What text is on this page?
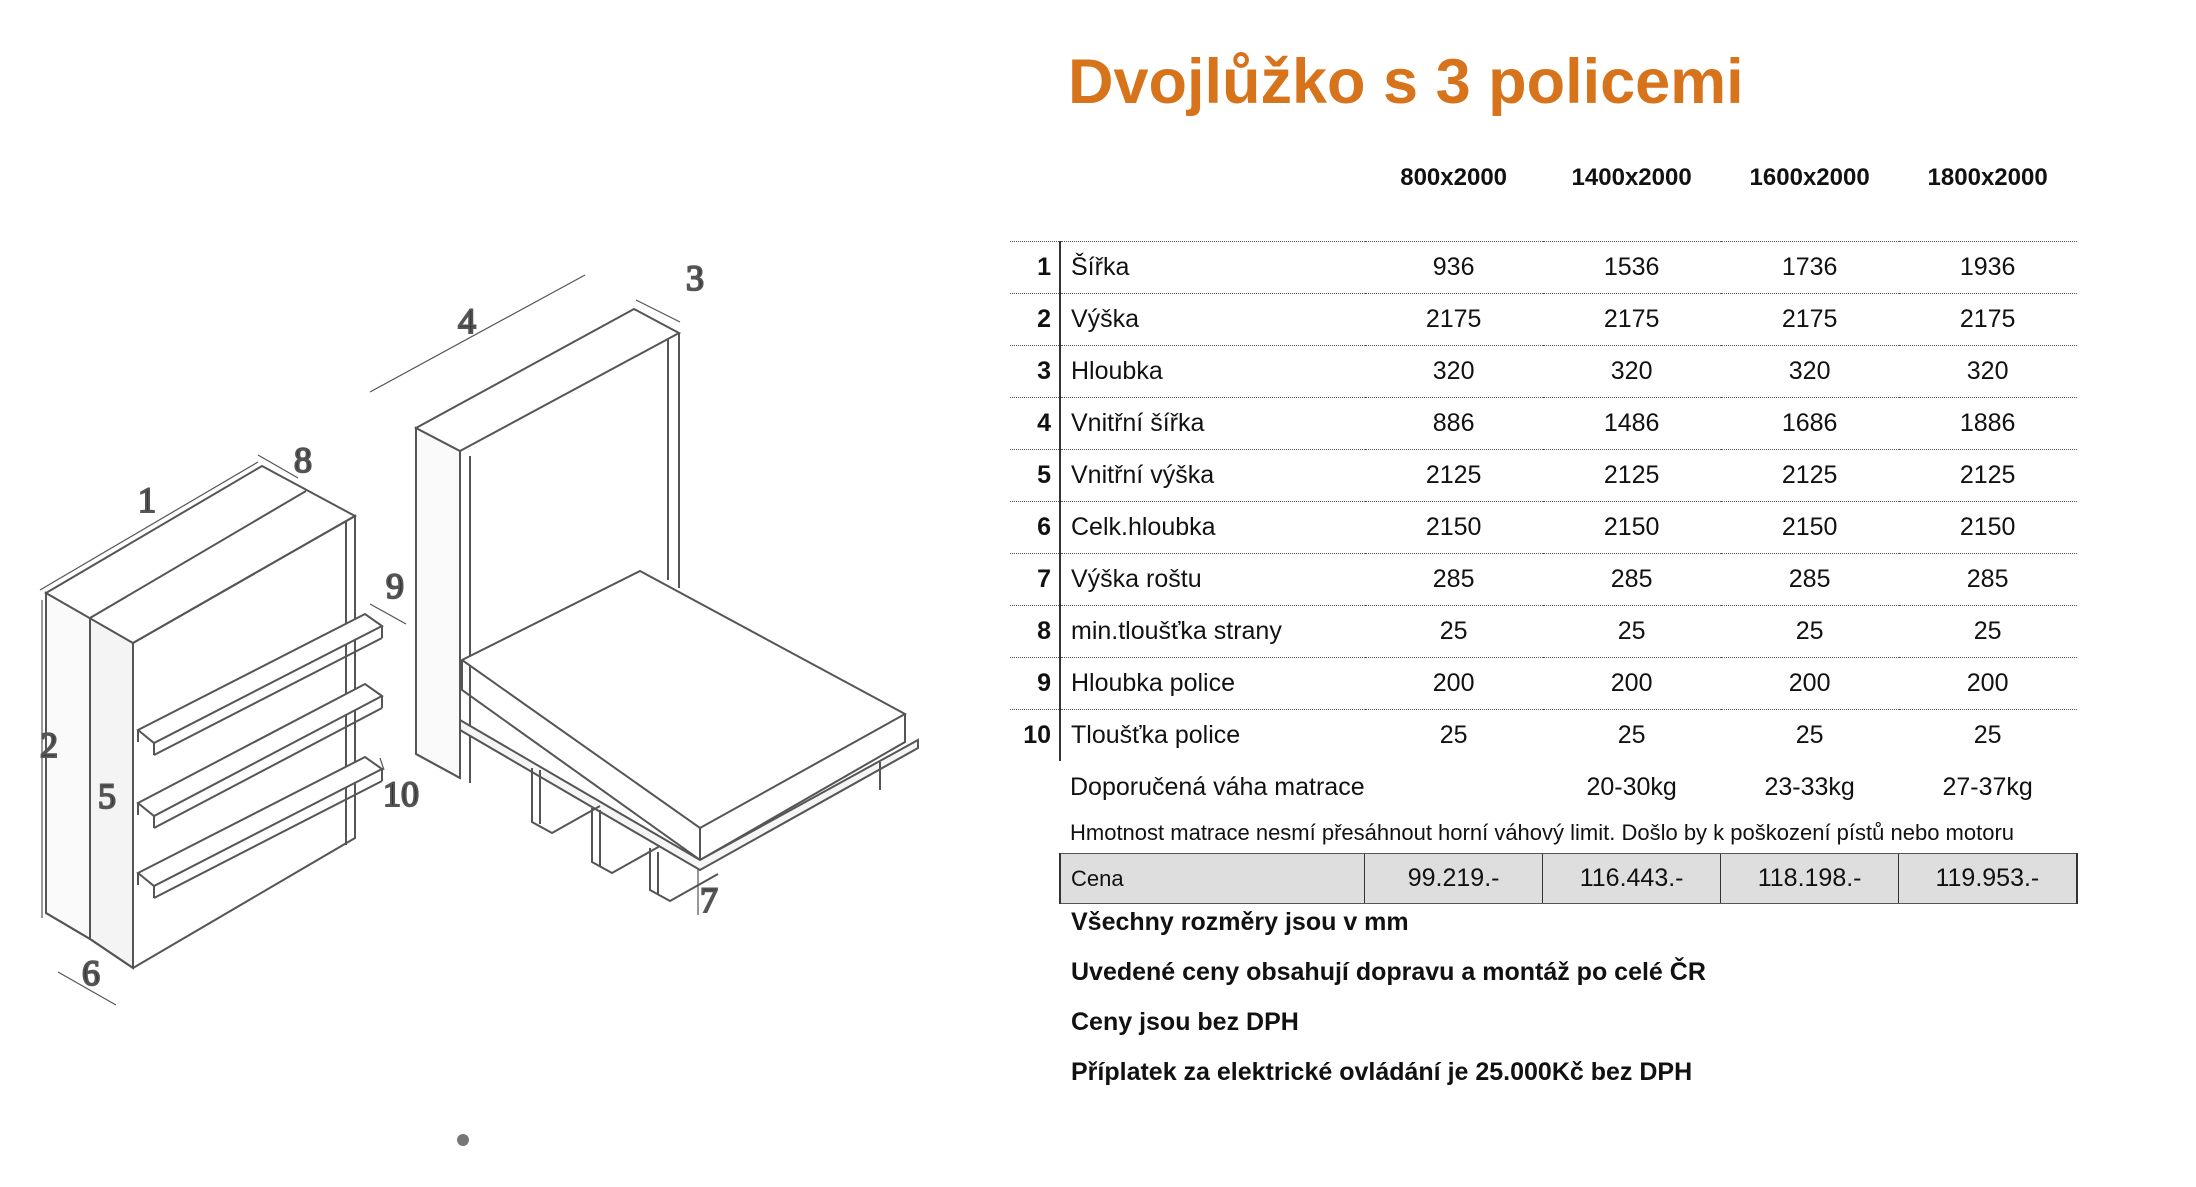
1
2
3
4
5
6
7
8
9
10
Dvojlůžko s 3 policemi
		800x2000	1400x2000	1600x2000	1800x2000
1	Šířka	936	1536	1736	1936
2	Výška	2175	2175	2175	2175
3	Hloubka	320	320	320	320
4	Vnitřní šířka	886	1486	1686	1886
5	Vnitřní výška	2125	2125	2125	2125
6	Celk.hloubka	2150	2150	2150	2150
7	Výška roštu	285	285	285	285
8	min.tloušťka strany	25	25	25	25
9	Hloubka police	200	200	200	200
10	Tloušťka police	25	25	25	25
	Doporučená váha matrace		20-30kg	23-33kg	27-37kg
	Hmotnost matrace nesmí přesáhnout horní váhový limit. Došlo by k poškození pístů nebo motoru				
	Cena	99.219.-	116.443.-	118.198.-	119.953.-
Všechny rozměry jsou v mm
Uvedené ceny obsahují dopravu a montáž po celé ČR
Ceny jsou bez DPH
Příplatek za elektrické ovládání je 25.000Kč bez DPH
